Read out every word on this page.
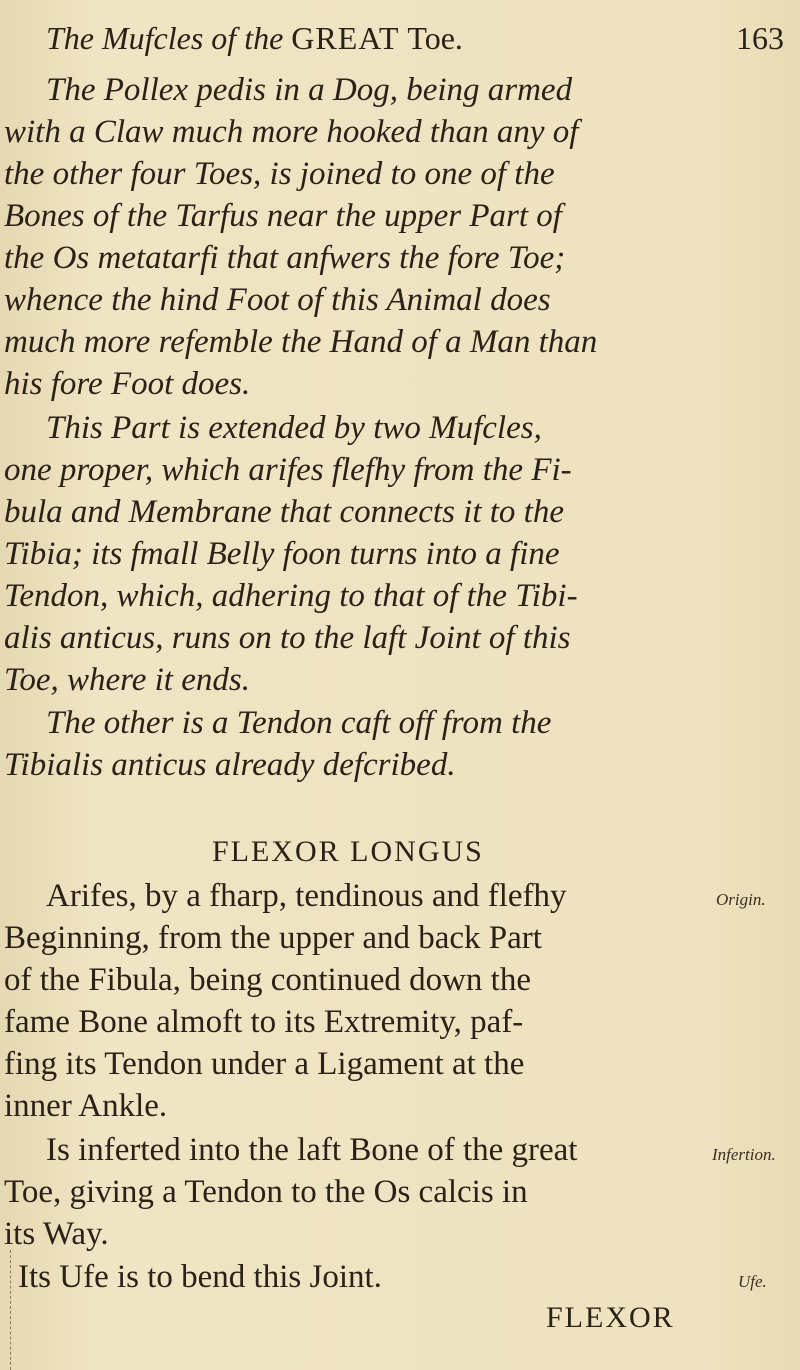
The Mufcles of the GREAT Toe.	163
The Pollex pedis in a Dog, being armed
with a Claw much more hooked than any of
the other four Toes, is joined to one of the
Bones of the Tarfus near the upper Part of
the Os metatarfi that anfwers the fore Toe;
whence the hind Foot of this Animal does
much more refemble the Hand of a Man than
his fore Foot does.
This Part is extended by two Mufcles,
one proper, which arifes flefhy from the Fi-
bula and Membrane that connects it to the
Tibia; its fmall Belly foon turns into a fine
Tendon, which, adhering to that of the Tibi-
alis anticus, runs on to the laft Joint of this
Toe, where it ends.
The other is a Tendon caft off from the
Tibialis anticus already defcribed.
FLEXOR LONGUS
Arifes, by a fharp, tendinous and flefhy	Origin.
Beginning, from the upper and back Part
of the Fibula, being continued down the
fame Bone almoft to its Extremity, paf-
fing its Tendon under a Ligament at the
inner Ankle.
Is inferted into the laft Bone of the great	Infertion.
Toe, giving a Tendon to the Os calcis in
its Way.
Its Ufe is to bend this Joint.	Ufe.
FLEXOR
